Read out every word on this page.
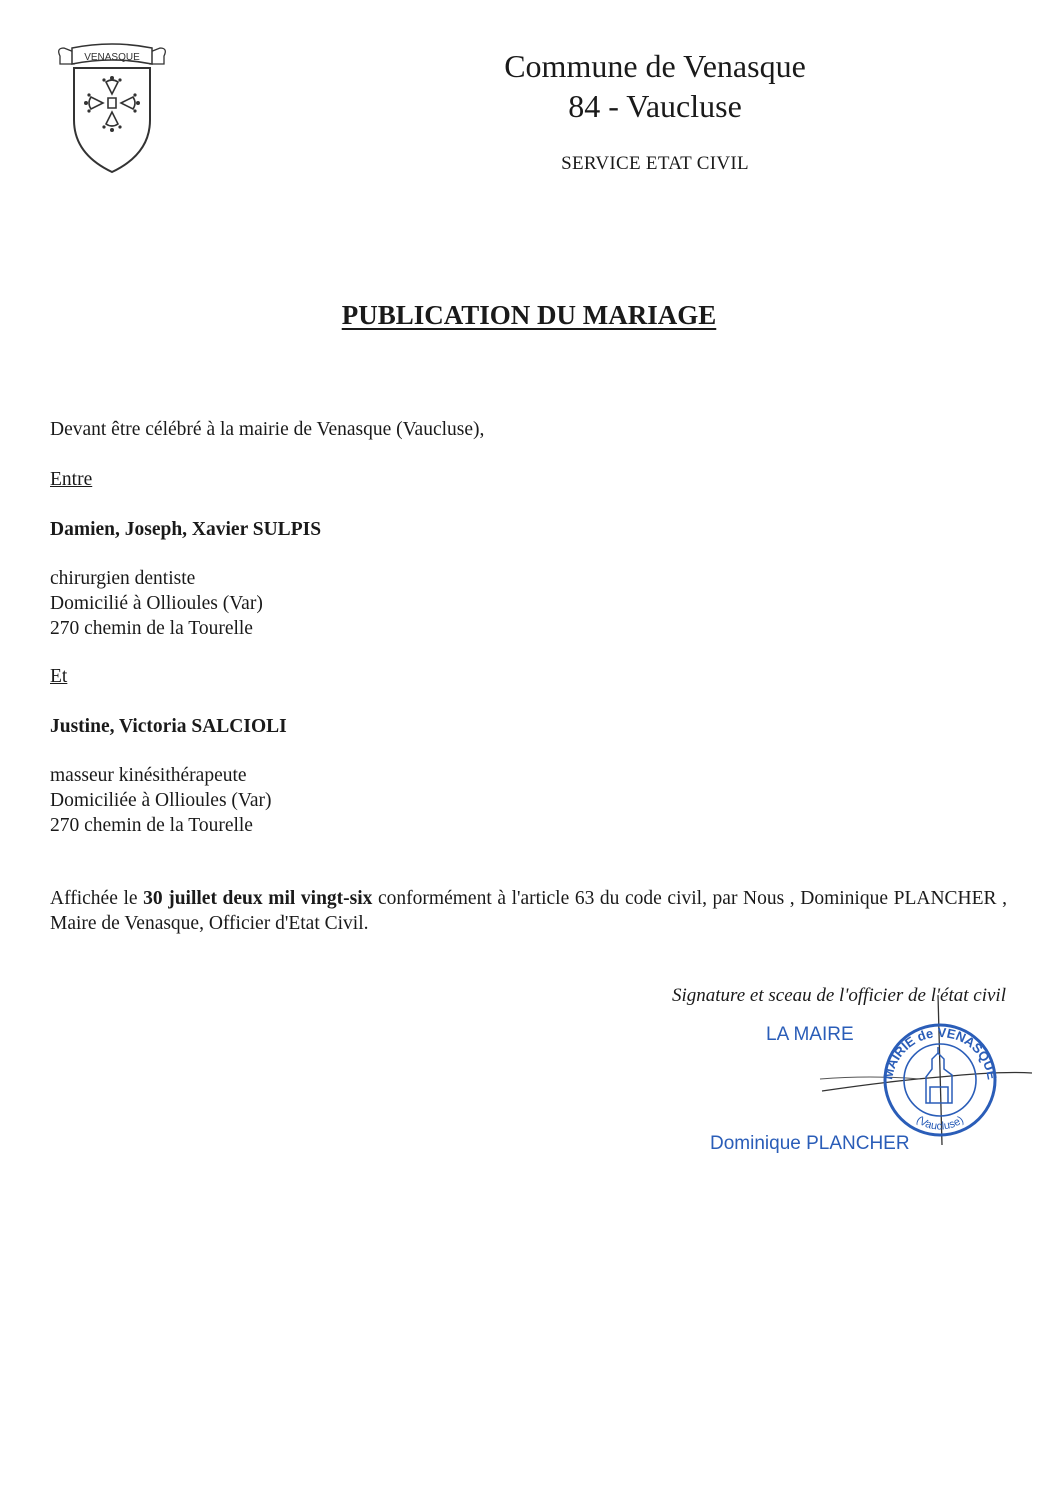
VENASQUE	Commune de Venasque
84 - Vaucluse
SERVICE ETAT CIVIL
PUBLICATION DU MARIAGE
Devant être célébré à la mairie de Venasque (Vaucluse),
Entre
Damien, Joseph, Xavier SULPIS
chirurgien dentiste
Domicilié à Ollioules (Var)
270 chemin de la Tourelle
Et
Justine, Victoria SALCIOLI
masseur kinésithérapeute
Domiciliée à Ollioules (Var)
270 chemin de la Tourelle
Affichée le 30 juillet deux mil vingt-six conformément à l'article 63 du code civil, par Nous , Dominique PLANCHER , Maire de Venasque, Officier d'Etat Civil.
Signature et sceau de l'officier de l'état civil
MAIRIE de VENASQUE
(Vaucluse)
LA MAIRE
Dominique PLANCHER
